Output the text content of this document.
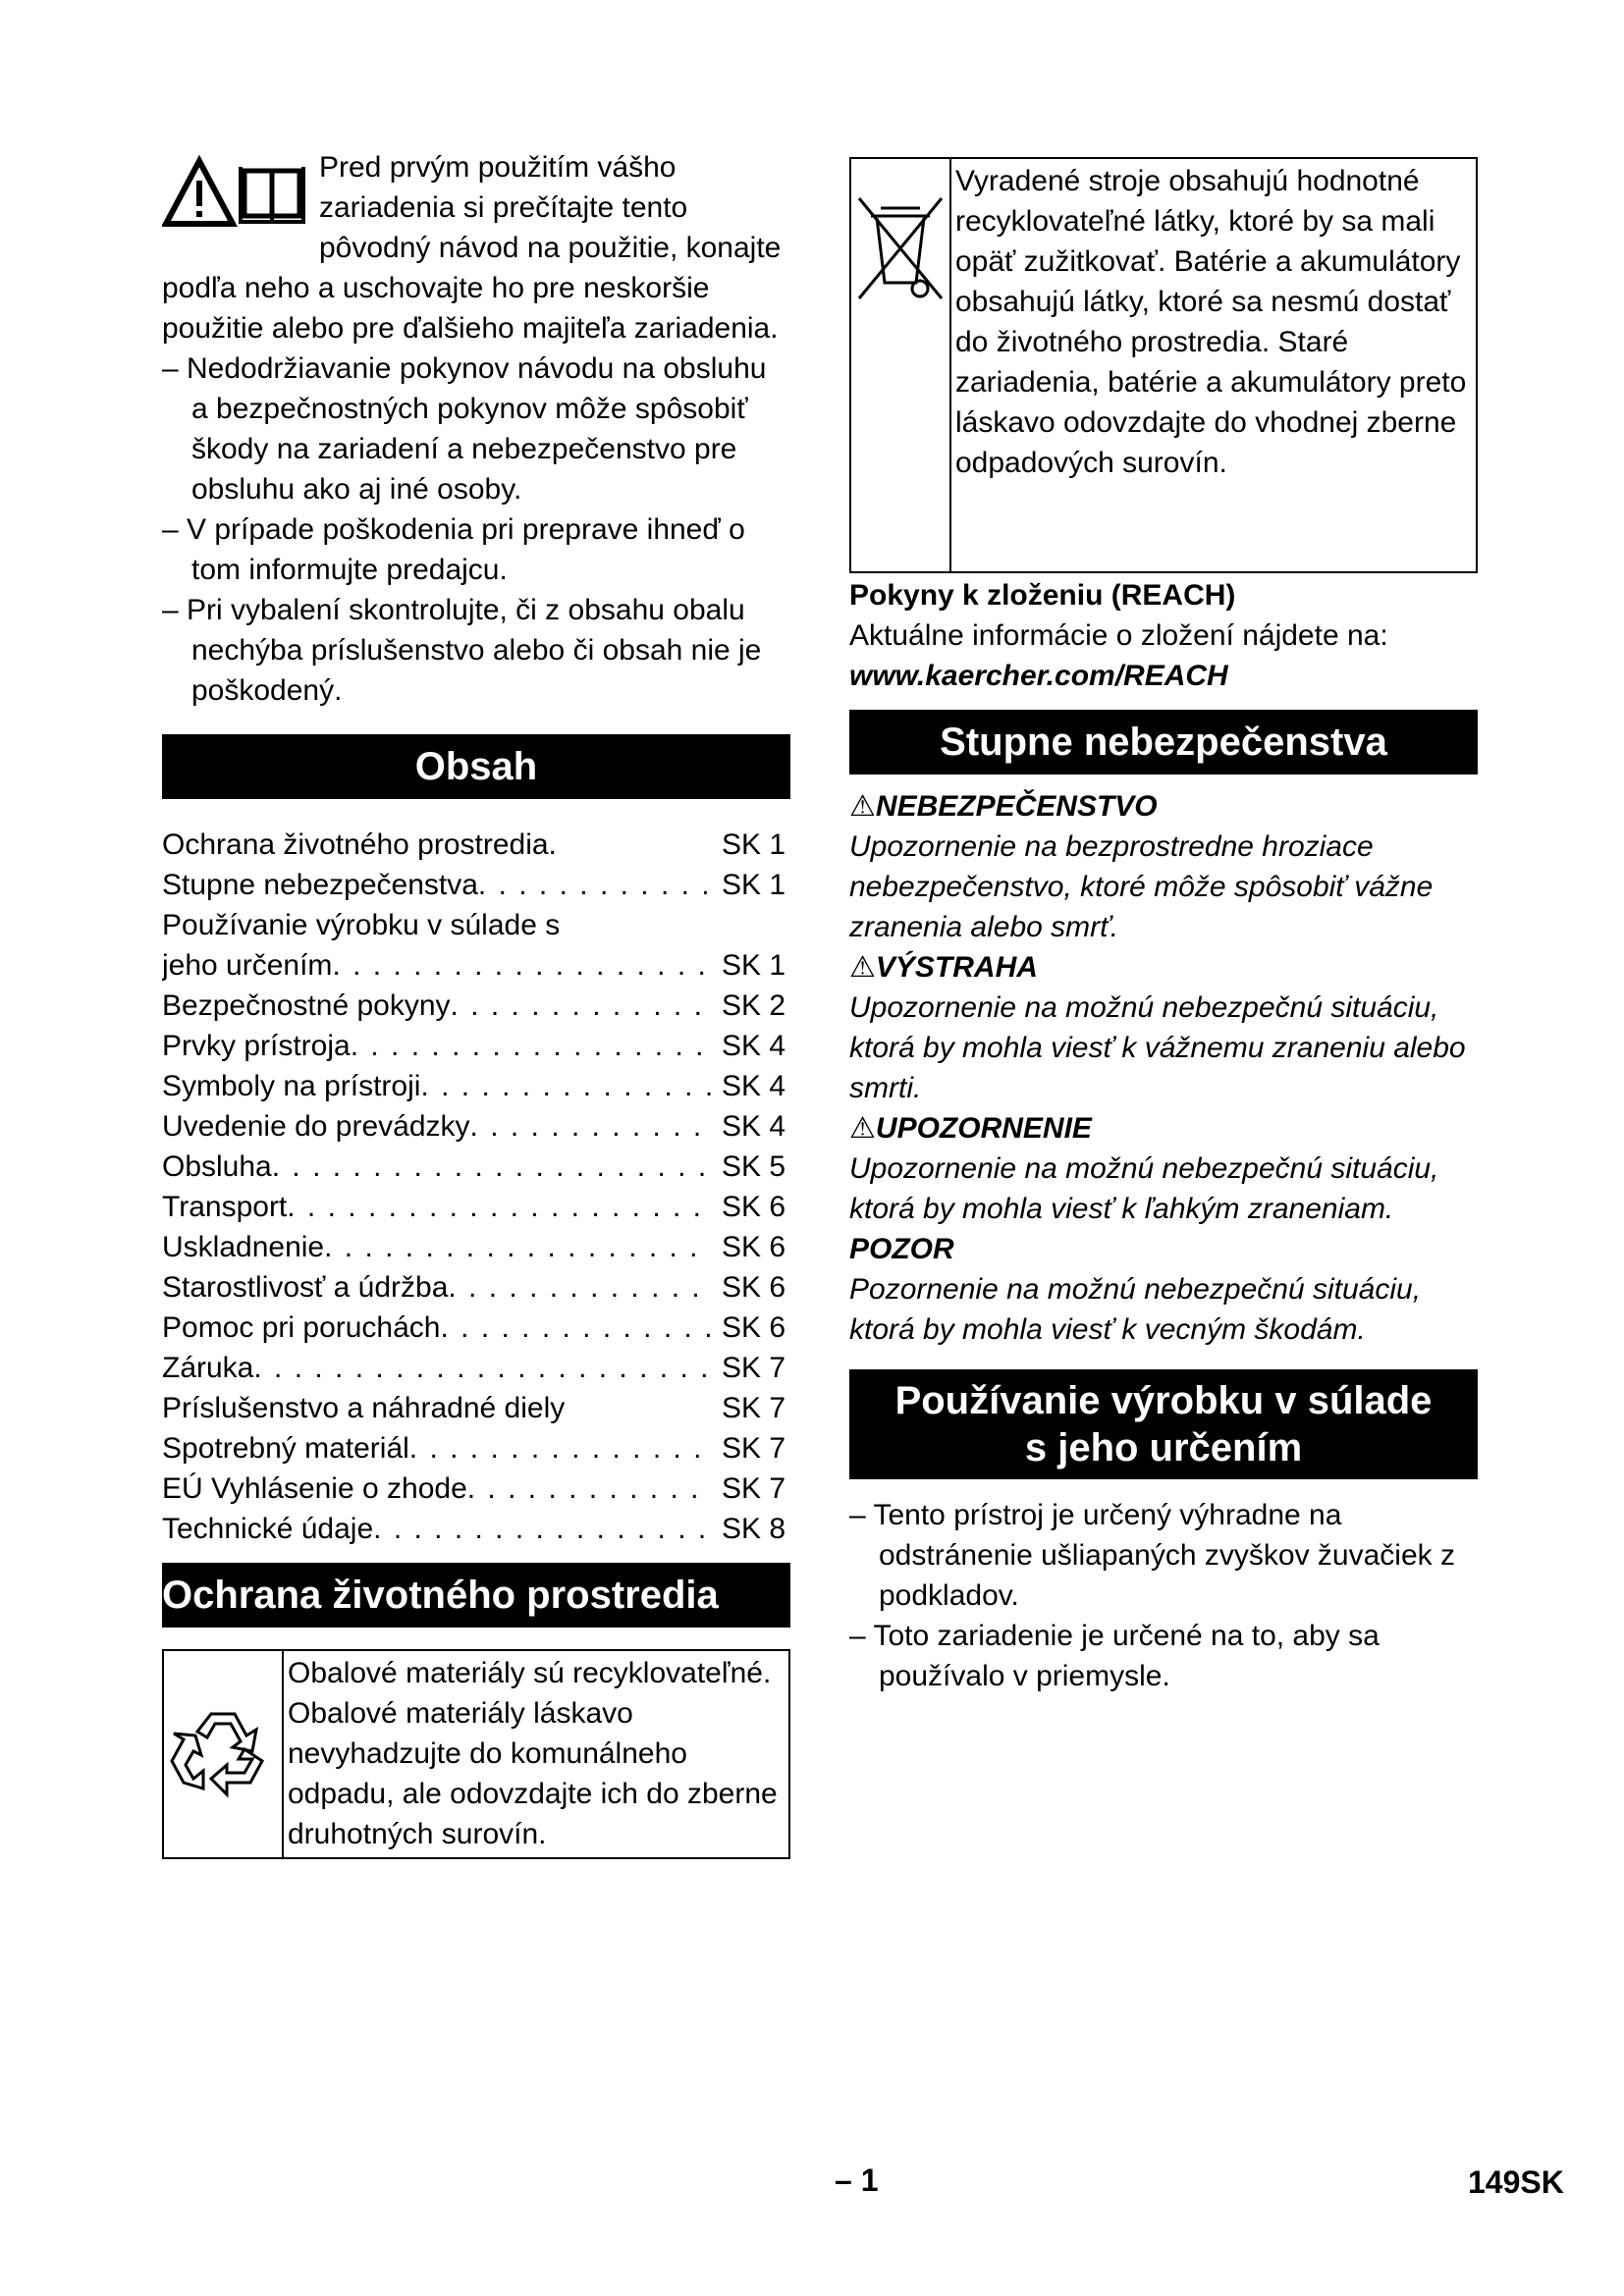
Pred prvým použitím vášho zariadenia si prečítajte tento pôvodný návod na použitie, konajte podľa neho a uschovajte ho pre neskoršie použitie alebo pre ďalšieho majiteľa zariadenia.
– Nedodržiavanie pokynov návodu na obsluhu a bezpečnostných pokynov môže spôsobiť škody na zariadení a nebezpečenstvo pre obsluhu ako aj iné osoby.
– V prípade poškodenia pri preprave ihneď o tom informujte predajcu.
– Pri vybalení skontrolujte, či z obsahu obalu nechýba príslušenstvo alebo či obsah nie je poškodený.
Obsah
Ochrana životného prostredia.	SK 1
Stupne nebezpečenstva . . .	SK 1
Používanie výrobku v súlade s
jeho určením . . .	SK 1
Bezpečnostné pokyny . . .	SK 2
Prvky prístroja . . .	SK 4
Symboly na prístroji . . .	SK 4
Uvedenie do prevádzky . . .	SK 4
Obsluha . . .	SK 5
Transport . . .	SK 6
Uskladnenie . . .	SK 6
Starostlivosť a údržba . . .	SK 6
Pomoc pri poruchách . . .	SK 6
Záruka . . .	SK 7
Príslušenstvo a náhradné diely	SK 7
Spotrebný materiál . . .	SK 7
EÚ Vyhlásenie o zhode . . .	SK 7
Technické údaje . . .	SK 8
Ochrana životného prostredia
Obalové materiály sú recyklovateľné. Obalové materiály láskavo nevyhadzujte do komunálneho odpadu, ale odovzdajte ich do zberne druhotných surovín.
Vyradené stroje obsahujú hodnotné recyklovateľné látky, ktoré by sa mali opäť zužitkovať. Batérie a akumulátory obsahujú látky, ktoré sa nesmú dostať do životného prostredia. Staré zariadenia, batérie a akumulátory preto láskavo odovzdajte do vhodnej zberne odpadových surovín.
Pokyny k zloženiu (REACH)
Aktuálne informácie o zložení nájdete na:
www.kaercher.com/REACH
Stupne nebezpečenstva
⚠NEBEZPEČENSTVO
Upozornenie na bezprostredne hroziace nebezpečenstvo, ktoré môže spôsobiť vážne zranenia alebo smrť.
⚠VÝSTRAHA
Upozornenie na možnú nebezpečnú situáciu, ktorá by mohla viesť k vážnemu zraneniu alebo smrti.
⚠UPOZORNENIE
Upozornenie na možnú nebezpečnú situáciu, ktorá by mohla viesť k ľahkým zraneniam.
POZOR
Pozornenie na možnú nebezpečnú situáciu, ktorá by mohla viesť k vecným škodám.
Používanie výrobku v súlade
s jeho určením
– Tento prístroj je určený výhradne na odstránenie ušliapaných zvyškov žuvačiek z podkladov.
– Toto zariadenie je určené na to, aby sa používalo v priemysle.
– 1	149SK
